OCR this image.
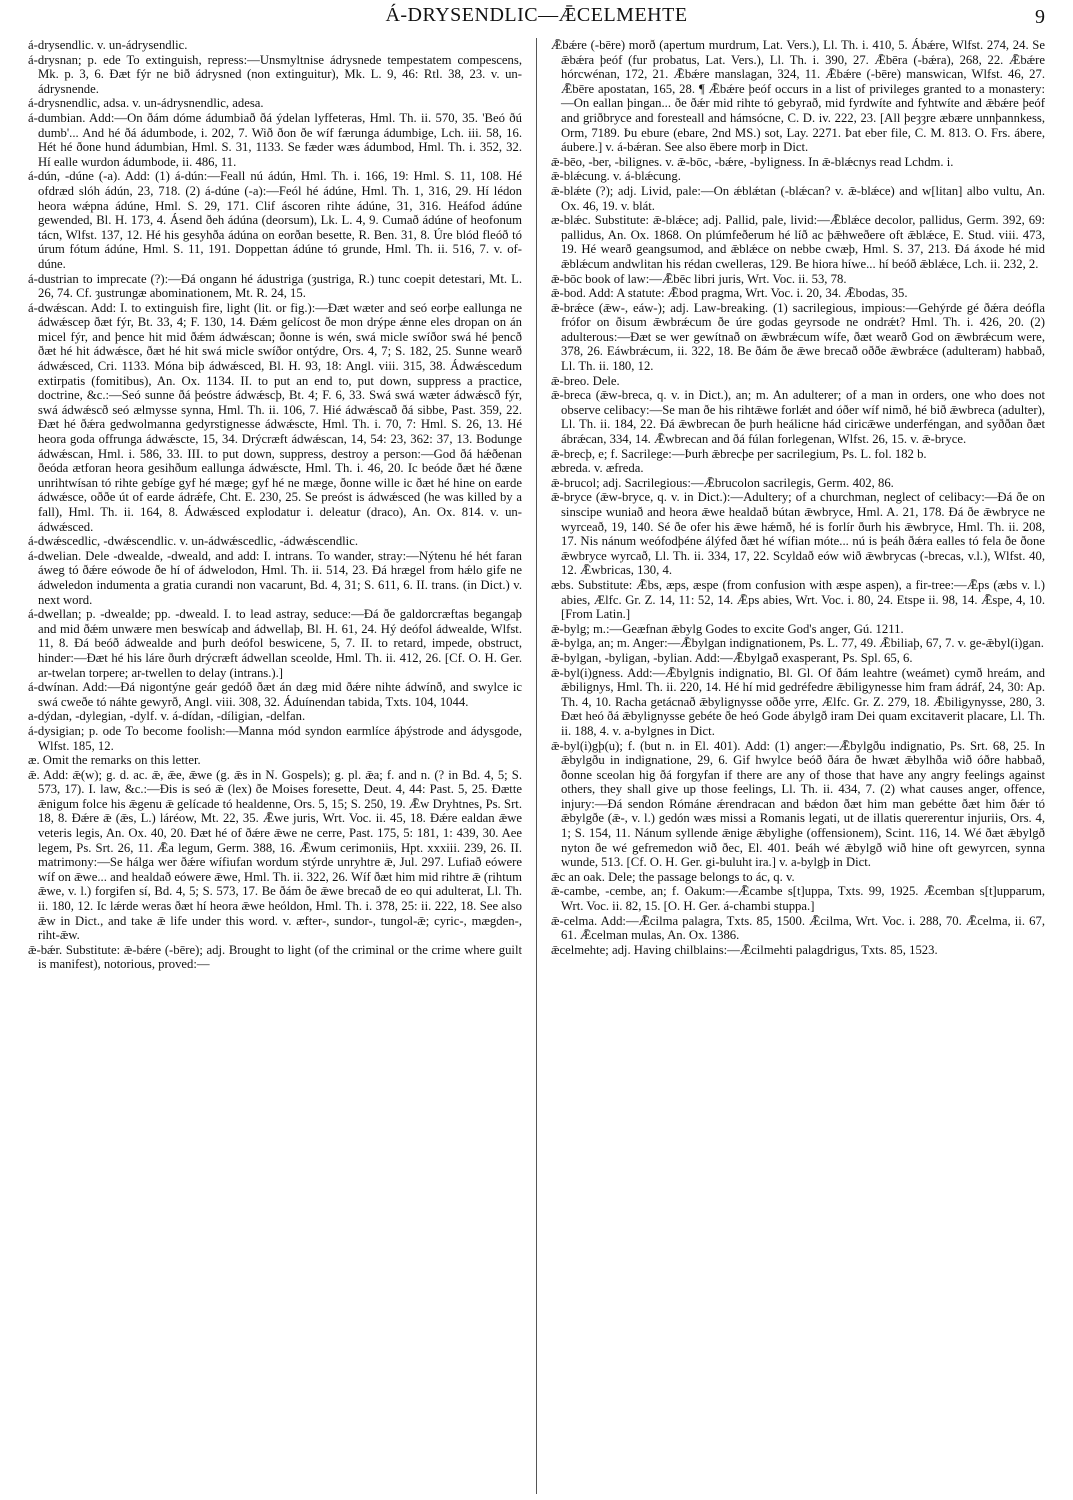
Á-DRYSENDLIC—ǢCELMEHTE	9

á-drysendlic. v. un-ádrysendlic.

á-drysnan; p. ede To extinguish, repress:—Unsmyltnise ádrysnede tempestatem compescens, Mk. p. 3, 6. Ðæt fýr ne bið ádrysned (non extinguitur), Mk. L. 9, 46: Rtl. 38, 23. v. un-ádrysnende.

á-drysnendlic, adsa. v. un-ádrysnendlic, adesa.

á-dumbian. Add:—On ðám dóme ádumbiað ðá ýdelan lyffeteras, Hml. Th. ii. 570, 35. 'Beó ðú dumb'... And hé ðá ádumbode, i. 202, 7. Wið ðon ðe wíf færunga ádumbige, Lch. iii. 58, 16. Hét hé ðone hund ádumbian, Hml. S. 31, 1133. Se fæder wæs ádumbod, Hml. Th. i. 352, 32. Hí ealle wurdon ádumbode, ii. 486, 11.

á-dún, -dúne (-a). Add: (1) á-dún:—Feall nú ádún, Hml. Th. i. 166, 19: Hml. S. 11, 108. Hé ofdræd slóh ádún, 23, 718. (2) á-dúne (-a):—Feól hé ádúne, Hml. Th. 1, 316, 29. Hí lédon heora wǽpna ádúne, Hml. S. 29, 171. Clif áscoren rihte ádúne, 31, 316. Heáfod ádúne gewended, Bl. H. 173, 4. Ásend ðeh ádúna (deorsum), Lk. L. 4, 9. Cumað ádúne of heofonum tácn, Wlfst. 137, 12. Hé his gesyhða ádúna on eorðan besette, R. Ben. 31, 8. Úre blód fleóð tó úrum fótum ádúne, Hml. S. 11, 191. Doppettan ádúne tó grunde, Hml. Th. ii. 516, 7. v. of-dúne.

á-dustrian to imprecate (?):—Ðá ongann hé ádustriga (ȝustriga, R.) tunc coepit detestari, Mt. L. 26, 74. Cf. ȝustrungæ abominationem, Mt. R. 24, 15.

á-dwǽscan. Add: I. to extinguish fire, light (lit. or fig.):—Ðæt wæter and seó eorþe eallunga ne ádwǽscep ðæt fýr, Bt. 33, 4; F. 130, 14. Ðǽm gelícost ðe mon drýpe ǽnne eles dropan on án micel fýr, and þence hit mid ðǽm ádwǽscan; ðonne is wén, swá micle swíðor swá hé þencð ðæt hé hit ádwǽsce, ðæt hé hit swá micle swíðor ontýdre, Ors. 4, 7; S. 182, 25. Sunne wearð ádwǽsced, Cri. 1133. Móna biþ ádwǽsced, Bl. H. 93, 18: Angl. viii. 315, 38. Ádwǽscedum extirpatis (fomitibus), An. Ox. 1134. II. to put an end to, put down, suppress a practice, doctrine, &c.:—Seó sunne ðá þeóstre ádwǽscþ, Bt. 4; F. 6, 33. Swá swá wæter ádwǽscð fýr, swá ádwǽscð seó ælmysse synna, Hml. Th. ii. 106, 7. Hié ádwǽscað ðá sibbe, Past. 359, 22. Ðæt hé ðǽra gedwolmanna gedyrstignesse ádwǽscte, Hml. Th. i. 70, 7: Hml. S. 26, 13. Hé heora goda offrunga ádwǽscte, 15, 34. Drýcræft ádwǽscan, 14, 54: 23, 362: 37, 13. Bodunge ádwǽscan, Hml. i. 586, 33. III. to put down, suppress, destroy a person:—God ðá hǽðenan ðeóda ætforan heora gesihðum eallunga ádwǽscte, Hml. Th. i. 46, 20. Ic beóde ðæt hé ðæne unrihtwísan tó rihte gebíge gyf hé mæge; gyf hé ne mæge, ðonne wille ic ðæt hé hine on earde ádwǽsce, oððe út of earde ádrǽfe, Cht. E. 230, 25. Se preóst is ádwǽsced (he was killed by a fall), Hml. Th. ii. 164, 8. Ádwǽsced explodatur i. deleatur (draco), An. Ox. 814. v. un-ádwǽsced.

á-dwǽscedlic, -dwǽscendlic. v. un-ádwǽscedlic, -ádwǽscendlic.

á-dwelian. Dele -dwealde, -dweald, and add: I. intrans. To wander, stray:—Nýtenu hé hét faran áweg tó ðǽre eówode ðe hí of ádwelodon, Hml. Th. ii. 514, 23. Ðá hrægel from hǽlo gife ne ádweledon indumenta a gratia curandi non vacarunt, Bd. 4, 31; S. 611, 6. II. trans. (in Dict.) v. next word.

á-dwellan; p. -dwealde; pp. -dweald. I. to lead astray, seduce:—Ðá ðe galdorcræftas begangaþ and mid ðǽm unwære men beswícaþ and ádwellaþ, Bl. H. 61, 24. Hý deófol ádwealde, Wlfst. 11, 8. Ðá beóð ádwealde and þurh deófol beswicene, 5, 7. II. to retard, impede, obstruct, hinder:—Ðæt hé his láre ðurh drýcræft ádwellan sceolde, Hml. Th. ii. 412, 26. [Cf. O. H. Ger. ar-twelan torpere; ar-twellen to delay (intrans.).]

á-dwínan. Add:—Ðá nigontýne geár gedóð ðæt án dæg mid ðǽre nihte ádwínð, and swylce ic swá cweðe tó náhte gewyrð, Angl. viii. 308, 32. Áduínendan tabida, Txts. 104, 1044.

a-dýdan, -dylegian, -dylf. v. á-dídan, -díligian, -delfan.

á-dysigian; p. ode To become foolish:—Manna mód syndon earmlíce áþýstrode and ádysgode, Wlfst. 185, 12.

æ. Omit the remarks on this letter.

ǣ. Add: ǣ(w); g. d. ac. ǣ, ǣe, ǣwe (g. ǣs in N. Gospels); g. pl. ǣa; f. and n. (? in Bd. 4, 5; S. 573, 17). I. law, &c.:—Ðis is seó ǣ (lex) ðe Moises foresette, Deut. 4, 44: Past. 5, 25. Ðætte ǣnigum folce his ǣgenu ǣ gelícade tó healdenne, Ors. 5, 15; S. 250, 19. Ǣw Dryhtnes, Ps. Srt. 18, 8. Ðǽre ǣ (ǣs, L.) láréow, Mt. 22, 35. Ǣwe juris, Wrt. Voc. ii. 45, 18. Ðǽre ealdan ǣwe veteris legis, An. Ox. 40, 20. Ðæt hé of ðǽre ǣwe ne cerre, Past. 175, 5: 181, 1: 439, 30. Aee legem, Ps. Srt. 26, 11. Ǣa legum, Germ. 388, 16. Ǣwum cerimoniis, Hpt. xxxiii. 239, 26. II. matrimony:—Se hálga wer ðǽre wífiufan wordum stýrde unryhtre ǣ, Jul. 297. Lufiað eówere wíf on ǣwe... and healdað eówere ǣwe, Hml. Th. ii. 322, 26. Wíf ðæt him mid rihtre ǣ (rihtum ǣwe, v. l.) forgifen sí, Bd. 4, 5; S. 573, 17. Be ðám ðe ǣwe brecað de eo qui adulterat, Ll. Th. ii. 180, 12. Ic lǽrde weras ðæt hí heora ǣwe heóldon, Hml. Th. i. 378, 25: ii. 222, 18. See also ǣw in Dict., and take ǣ life under this word. v. æfter-, sundor-, tungol-ǣ; cyric-, mægden-, riht-ǣw.

ǣ-bǽr. Substitute: ǣ-bǽre (-bēre); adj. Brought to light (of the criminal or the crime where guilt is manifest), notorious, proved:—

Ǣbǽre (-bēre) morð (apertum murdrum, Lat. Vers.), Ll. Th. i. 410, 5. Ábǽre, Wlfst. 274, 24. Se ǣbǽra þeóf (fur probatus, Lat. Vers.), Ll. Th. i. 390, 27. Ǣbēra (-bǽra), 268, 22. Ǣbǽre hórcwénan, 172, 21. Ǣbǽre manslagan, 324, 11. Ǣbǽre (-bēre) manswican, Wlfst. 46, 27. Ǣbēre apostatan, 165, 28. ¶ Ǣbǽre þeóf occurs in a list of privileges granted to a monastery:—On eallan þingan... ðe ðǽr mid rihte tó gebyrað, mid fyrdwíte and fyhtwíte and ǣbǽre þeóf and griðbryce and foresteall and hámsócne, C. D. iv. 222, 23. [All þeȝȝre æbære unnþannkess, Orm, 7189. Þu ebure (ebare, 2nd MS.) sot, Lay. 2271. Þat eber file, C. M. 813. O. Frs. ábere, áubere.] v. á-bǽran. See also ēbere morþ in Dict.

ǣ-bēo, -ber, -bilignes. v. ǣ-bōc, -bǽre, -byligness. In ǣ-blǽcnys read Lchdm. i.

ǣ-blǽcung. v. á-blǽcung.

ǣ-blǽte (?); adj. Livid, pale:—On ǽblǽtan (-blǽcan? v. ǣ-blǽce) and w[litan] albo vultu, An. Ox. 46, 19. v. blát.

æ-blǽc. Substitute: ǣ-blǽce; adj. Pallid, pale, livid:—Ǣblǽce decolor, pallidus, Germ. 392, 69: pallidus, An. Ox. 1868. On plúmfeðerum hé líð ac þǣhweðere oft ǣblǽce, E. Stud. viii. 473, 19. Hé wearð geangsumod, and ǣblǽce on nebbe cwæþ, Hml. S. 37, 213. Ðá áxode hé mid ǣblǽcum andwlitan his rédan cwelleras, 129. Be hiora híwe... hí beóð ǣblǽce, Lch. ii. 232, 2.

ǣ-bōc book of law:—Ǣbēc libri juris, Wrt. Voc. ii. 53, 78.

ǣ-bod. Add: A statute: Ǣbod pragma, Wrt. Voc. i. 20, 34. Ǣbodas, 35.

ǣ-brǽce (ǣw-, eáw-); adj. Law-breaking. (1) sacrilegious, impious:—Gehýrde gé ðǽra deófla frófor on ðisum ǣwbrǽcum ðe úre godas geyrsode ne ondrǽt? Hml. Th. i. 426, 20. (2) adulterous:—Ðæt se wer gewítnað on ǣwbrǽcum wífe, ðæt wearð God on ǣwbrǽcum were, 378, 26. Eáwbrǽcum, ii. 322, 18. Be ðám ðe ǣwe brecað oððe ǣwbrǽce (adulteram) habbað, Ll. Th. ii. 180, 12.

ǣ-breo. Dele.

ǣ-breca (ǣw-breca, q. v. in Dict.), an; m. An adulterer; of a man in orders, one who does not observe celibacy:—Se man ðe his rihtǣwe forlǽt and óðer wíf nimð, hé bið ǣwbreca (adulter), Ll. Th. ii. 184, 22. Ðá ǣwbrecan ðe þurh heálicne hád ciricǣwe underféngan, and syððan ðæt ábrǽcan, 334, 14. Ǣwbrecan and ðá fúlan forlegenan, Wlfst. 26, 15. v. ǣ-bryce.

ǣ-brecþ, e; f. Sacrilege:—Þurh ǣbrecþe per sacrilegium, Ps. L. fol. 182 b.

æbreda. v. æfreda.

ǣ-brucol; adj. Sacrilegious:—Ǣbrucolon sacrilegis, Germ. 402, 86.

ǣ-bryce (ǣw-bryce, q. v. in Dict.):—Adultery; of a churchman, neglect of celibacy:—Ðá ðe on sinscipe wuniað and heora ǣwe healdað bútan ǣwbryce, Hml. A. 21, 178. Ðá ðe ǣwbryce ne wyrceað, 19, 140. Sé ðe ofer his ǣwe hǽmð, hé is forlír ðurh his ǣwbryce, Hml. Th. ii. 208, 17. Nis nánum weófodþéne álýfed ðæt hé wífian móte... nú is þeáh ðǽra ealles tó fela ðe ðone ǣwbryce wyrcað, Ll. Th. ii. 334, 17, 22. Scyldað eów wið ǣwbrycas (-brecas, v.l.), Wlfst. 40, 12. Ǣwbricas, 130, 4.

æbs. Substitute: Ǣbs, æps, æspe (from confusion with æspe aspen), a fir-tree:—Ǣps (æbs v. l.) abies, Ælfc. Gr. Z. 14, 11: 52, 14. Ǣps abies, Wrt. Voc. i. 80, 24. Etspe ii. 98, 14. Ǣspe, 4, 10. [From Latin.]

ǣ-bylg; m.:—Geæfnan ǣbylg Godes to excite God's anger, Gú. 1211.

ǣ-bylga, an; m. Anger:—Ǣbylgan indignationem, Ps. L. 77, 49. Ǣbiliaþ, 67, 7. v. ge-ǣbyl(i)gan.

ǣ-bylgan, -byligan, -bylian. Add:—Ǣbylgað exasperant, Ps. Spl. 65, 6.

ǣ-byl(i)gness. Add:—Ǣbylgnis indignatio, Bl. Gl. Of ðám leahtre (weámet) cymð hreám, and ǣbilignys, Hml. Th. ii. 220, 14. Hé hí mid gedréfedre ǣbiligynesse him fram ádráf, 24, 30: Ap. Th. 4, 10. Racha getácnað ǣbylignysse oððe yrre, Ælfc. Gr. Z. 279, 18. Ǣbiligynysse, 280, 3. Ðæt heó ðá ǣbylignysse gebéte ðe heó Gode ábylgð iram Dei quam excitaverit placare, Ll. Th. ii. 188, 4. v. a-bylgnes in Dict.

ǣ-byl(i)gþ(u); f. (but n. in El. 401). Add: (1) anger:—Ǣbylgðu indignatio, Ps. Srt. 68, 25. In ǣbylgðu in indignatione, 29, 6. Gif hwylce beóð ðára ðe hwæt ǣbylhða wið óðre habbað, ðonne sceolan hig ðá forgyfan if there are any of those that have any angry feelings against others, they shall give up those feelings, Ll. Th. ii. 434, 7. (2) what causes anger, offence, injury:—Ðá sendon Rómáne ǽrendracan and bǽdon ðæt him man gebétte ðæt him ðǽr tó ǣbylgðe (ǣ-, v. l.) gedón wæs missi a Romanis legati, ut de illatis quererentur injuriis, Ors. 4, 1; S. 154, 11. Nánum syllende ǣnige ǣbylighe (offensionem), Scint. 116, 14. Wé ðæt ǣbylgð nyton ðe wé gefremedon wið ðec, El. 401. Þeáh wé ǣbylgð wið hine oft gewyrcen, synna wunde, 513. [Cf. O. H. Ger. gi-buluht ira.] v. a-bylgþ in Dict.

ǣc an oak. Dele; the passage belongs to ác, q. v.

ǣ-cambe, -cembe, an; f. Oakum:—Ǣcambe s[t]uppa, Txts. 99, 1925. Ǣcemban s[t]upparum, Wrt. Voc. ii. 82, 15. [O. H. Ger. á-chambi stuppa.]

ǣ-celma. Add:—Ǣcilma palagra, Txts. 85, 1500. Ǣcilma, Wrt. Voc. i. 288, 70. Ǣcelma, ii. 67, 61. Ǣcelman mulas, An. Ox. 1386.

ǣcelmehte; adj. Having chilblains:—Ǣcilmehti palagdrigus, Txts. 85, 1523.
